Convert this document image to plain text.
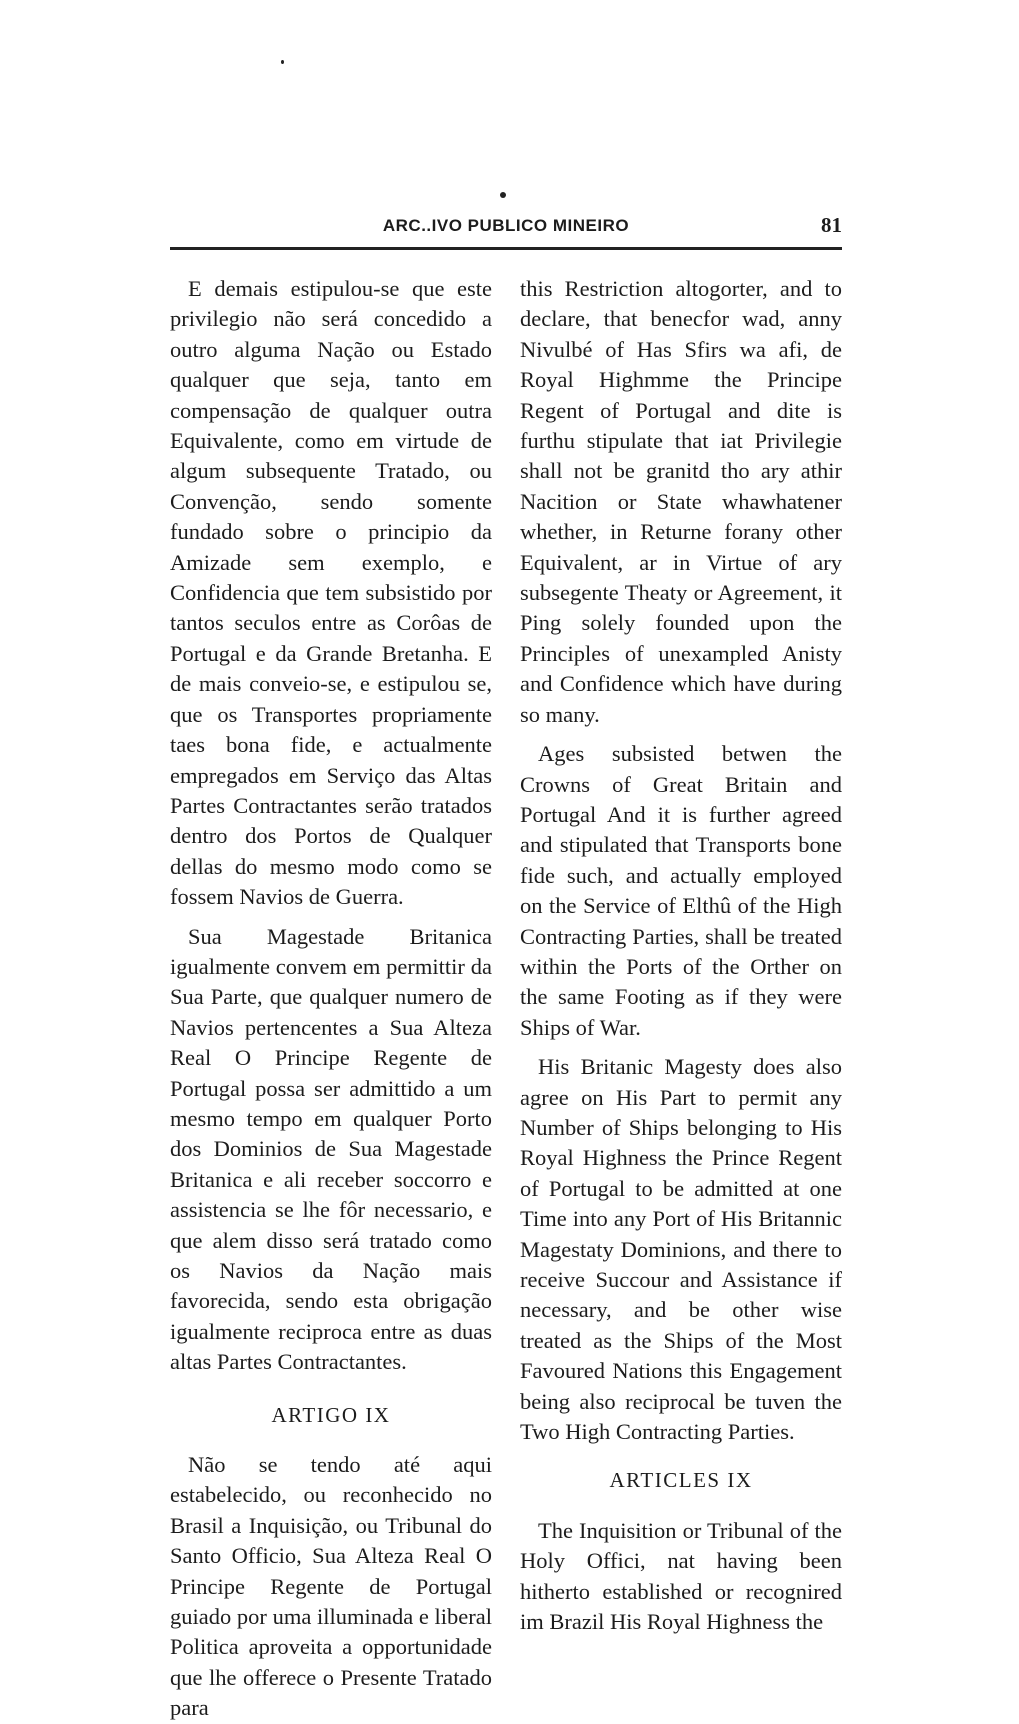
ARC..IVO PUBLICO MINEIRO	81

E demais estipulou-se que este privilegio não será concedido a outro alguma Nação ou Estado qualquer que seja, tanto em compensação de qualquer outra Equivalente, como em virtude de algum subsequente Tratado, ou Convenção, sendo somente fundado sobre o principio da Amizade sem exemplo, e Confidencia que tem subsistido por tantos seculos entre as Corôas de Portugal e da Grande Bretanha. E de mais conveio-se, e estipulou se, que os Transportes propriamente taes bona fide, e actualmente empregados em Serviço das Altas Partes Contractantes serão tratados dentro dos Portos de Qualquer dellas do mesmo modo como se fossem Navios de Guerra.

Sua Magestade Britanica igualmente convem em permittir da Sua Parte, que qualquer numero de Navios pertencentes a Sua Alteza Real O Principe Regente de Portugal possa ser admittido a um mesmo tempo em qualquer Porto dos Dominios de Sua Magestade Britanica e ali receber soccorro e assistencia se lhe fôr necessario, e que alem disso será tratado como os Navios da Nação mais favorecida, sendo esta obrigação igualmente reciproca entre as duas altas Partes Contractantes.

ARTIGO IX

Não se tendo até aqui estabelecido, ou reconhecido no Brasil a Inquisição, ou Tribunal do Santo Officio, Sua Alteza Real O Principe Regente de Portugal guiado por uma illuminada e liberal Politica aproveita a opportunidade que lhe offerece o Presente Tratado para

this Restriction altogorter, and to declare, that benecfor wad, anny Nivulbé of Has Sfirs wa afi, de Royal Highmme the Principe Regent of Portugal and dite is furthu stipulate that iat Privilegie shall not be granitd tho ary athir Nacition or State whawhatener whether, in Returne forany other Equivalent, ar in Virtue of ary subsegente Theaty or Agreement, it Ping solely founded upon the Principles of unexampled Anisty and Confidence which have during so many.

Ages subsisted betwen the Crowns of Great Britain and Portugal And it is further agreed and stipulated that Transports bone fide such, and actually employed on the Service of Elthû of the High Contracting Parties, shall be treated within the Ports of the Orther on the same Footing as if they were Ships of War.

His Britanic Magesty does also agree on His Part to permit any Number of Ships belonging to His Royal Highness the Prince Regent of Portugal to be admitted at one Time into any Port of His Britannic Magestaty Dominions, and there to receive Succour and Assistance if necessary, and be other wise treated as the Ships of the Most Favoured Nations this Engagement being also reciprocal be tuven the Two High Contracting Parties.

ARTICLES IX

The Inquisition or Tribunal of the Holy Offici, nat having been hitherto established or recognired im Brazil His Royal Highness the
